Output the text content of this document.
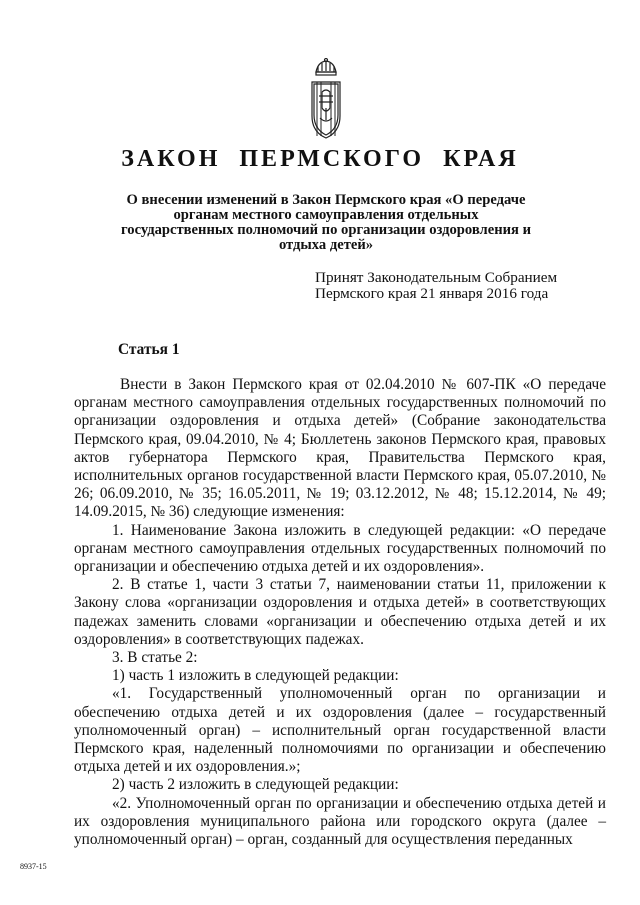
ЗАКОН ПЕРМСКОГО КРАЯ

О внесении изменений в Закон Пермского края «О передаче органам местного самоуправления отдельных государственных полномочий по организации оздоровления и отдыха детей»

Принят Законодательным Собранием
Пермского края 21 января 2016 года
Статья 1

Внести в Закон Пермского края от 02.04.2010 № 607-ПК «О передаче органам местного самоуправления отдельных государственных полномочий по организации оздоровления и отдыха детей» (Собрание законодательства Пермского края, 09.04.2010, № 4; Бюллетень законов Пермского края, правовых актов губернатора Пермского края, Правительства Пермского края, исполнительных органов государственной власти Пермского края, 05.07.2010, № 26; 06.09.2010, № 35; 16.05.2011, № 19; 03.12.2012, № 48; 15.12.2014, № 49; 14.09.2015, № 36) следующие изменения:

1. Наименование Закона изложить в следующей редакции: «О передаче органам местного самоуправления отдельных государственных полномочий по организации и обеспечению отдыха детей и их оздоровления».

2. В статье 1, части 3 статьи 7, наименовании статьи 11, приложении к Закону слова «организации оздоровления и отдыха детей» в соответствующих падежах заменить словами «организации и обеспечению отдыха детей и их оздоровления» в соответствующих падежах.

3. В статье 2:

1) часть 1 изложить в следующей редакции:

«1. Государственный уполномоченный орган по организации и обеспечению отдыха детей и их оздоровления (далее – государственный уполномоченный орган) – исполнительный орган государственной власти Пермского края, наделенный полномочиями по организации и обеспечению отдыха детей и их оздоровления.»;

2) часть 2 изложить в следующей редакции:

«2. Уполномоченный орган по организации и обеспечению отдыха детей и их оздоровления муниципального района или городского округа (далее – уполномоченный орган) – орган, созданный для осуществления переданных

8937-15
